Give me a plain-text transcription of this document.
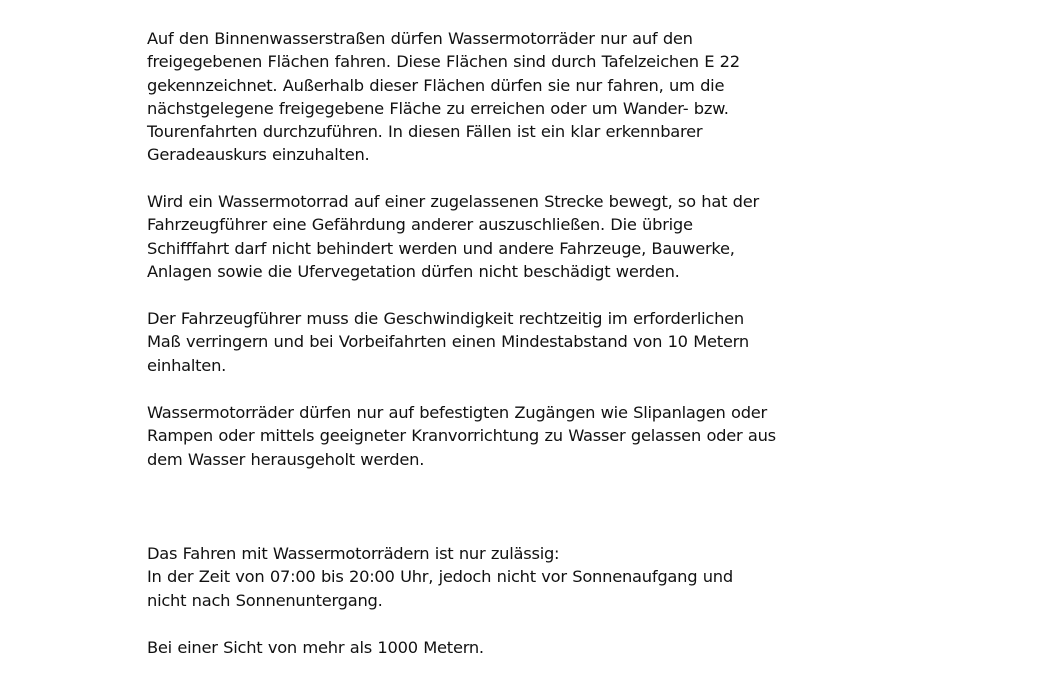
Auf den Binnenwasserstraßen dürfen Wassermotorräder nur auf den
freigegebenen Flächen fahren. Diese Flächen sind durch Tafelzeichen E 22
gekennzeichnet. Außerhalb dieser Flächen dürfen sie nur fahren, um die
nächstgelegene freigegebene Fläche zu erreichen oder um Wander- bzw.
Tourenfahrten durchzuführen. In diesen Fällen ist ein klar erkennbarer
Geradeauskurs einzuhalten.

Wird ein Wassermotorrad auf einer zugelassenen Strecke bewegt, so hat der
Fahrzeugführer eine Gefährdung anderer auszuschließen. Die übrige
Schifffahrt darf nicht behindert werden und andere Fahrzeuge, Bauwerke,
Anlagen sowie die Ufervegetation dürfen nicht beschädigt werden.

Der Fahrzeugführer muss die Geschwindigkeit rechtzeitig im erforderlichen
Maß verringern und bei Vorbeifahrten einen Mindestabstand von 10 Metern
einhalten.

Wassermotorräder dürfen nur auf befestigten Zugängen wie Slipanlagen oder
Rampen oder mittels geeigneter Kranvorrichtung zu Wasser gelassen oder aus
dem Wasser herausgeholt werden.

Das Fahren mit Wassermotorrädern ist nur zulässig:
In der Zeit von 07:00 bis 20:00 Uhr, jedoch nicht vor Sonnenaufgang und
nicht nach Sonnenuntergang.

Bei einer Sicht von mehr als 1000 Metern.
